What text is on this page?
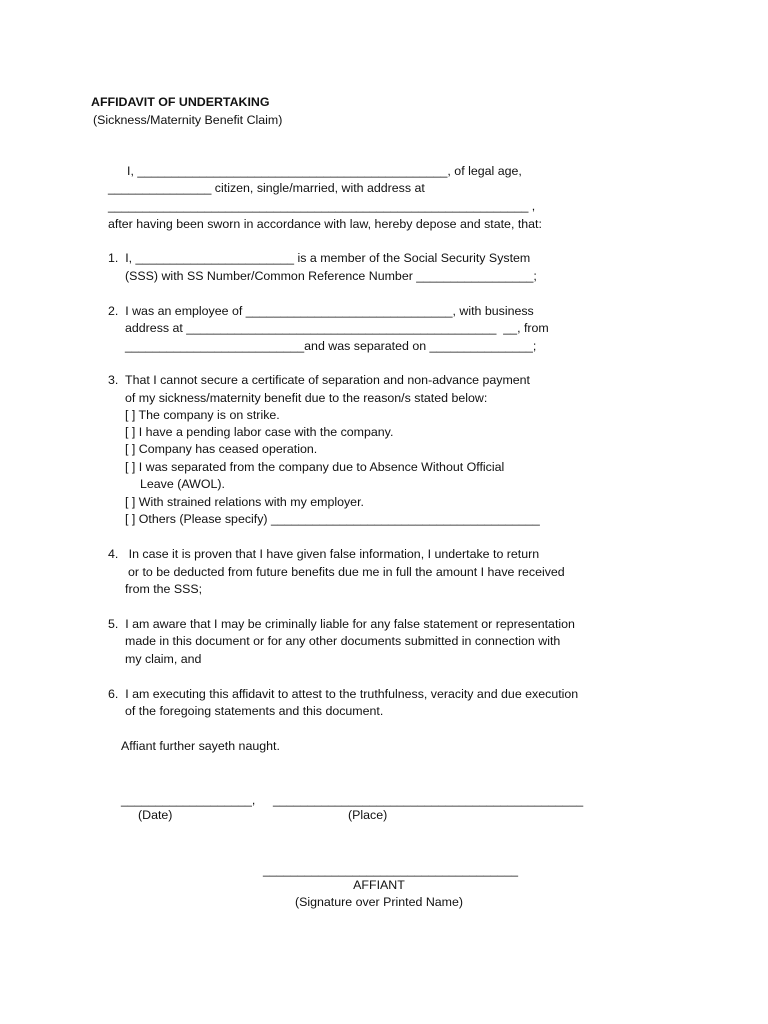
AFFIDAVIT OF UNDERTAKING
(Sickness/Maternity Benefit Claim)
I, _____________________________________________, of legal age,
_______________ citizen, single/married, with address at
_____________________________________________________________ ,
after having been sworn in accordance with law, hereby depose and state, that:
1.  I, _______________________ is a member of the Social Security System
(SSS) with SS Number/Common Reference Number _________________;
2.  I was an employee of ______________________________, with business
address at _____________________________________________  __, from
__________________________and was separated on _______________;
3.  That I cannot secure a certificate of separation and non-advance payment
of my sickness/maternity benefit due to the reason/s stated below:
[ ] The company is on strike.
[ ] I have a pending labor case with the company.
[ ] Company has ceased operation.
[ ] I was separated from the company due to Absence Without Official
Leave (AWOL).
[ ] With strained relations with my employer.
[ ] Others (Please specify) _______________________________________
4.   In case it is proven that I have given false information, I undertake to return
or to be deducted from future benefits due me in full the amount I have received
from the SSS;
5.  I am aware that I may be criminally liable for any false statement or representation
made in this document or for any other documents submitted in connection with
my claim, and
6.  I am executing this affidavit to attest to the truthfulness, veracity and due execution
of the foregoing statements and this document.
Affiant further sayeth naught.
___________________, _____________________________________________
(Date)	(Place)
_____________________________________
AFFIANT
(Signature over Printed Name)
